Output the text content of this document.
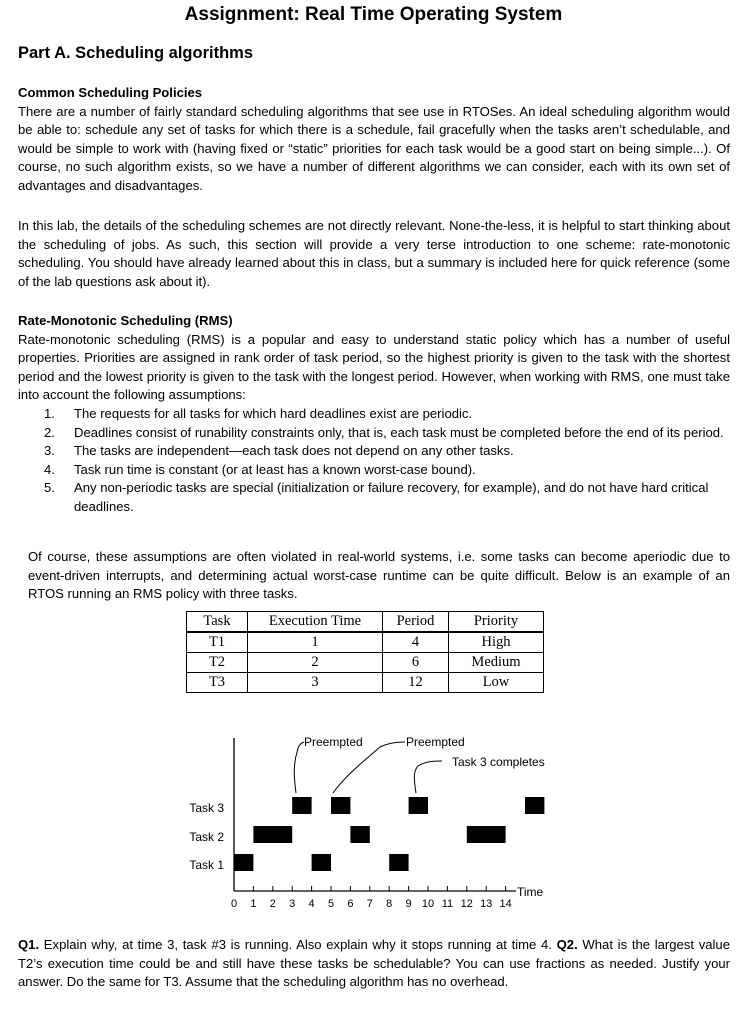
Assignment: Real Time Operating System
Part A. Scheduling algorithms
Common Scheduling Policies
There are a number of fairly standard scheduling algorithms that see use in RTOSes. An ideal scheduling algorithm would be able to: schedule any set of tasks for which there is a schedule, fail gracefully when the tasks aren’t schedulable, and would be simple to work with (having fixed or “static” priorities for each task would be a good start on being simple...). Of course, no such algorithm exists, so we have a number of different algorithms we can consider, each with its own set of advantages and disadvantages.
In this lab, the details of the scheduling schemes are not directly relevant. None-the-less, it is helpful to start thinking about the scheduling of jobs. As such, this section will provide a very terse introduction to one scheme: rate-monotonic scheduling. You should have already learned about this in class, but a summary is included here for quick reference (some of the lab questions ask about it).
Rate-Monotonic Scheduling (RMS)
Rate-monotonic scheduling (RMS) is a popular and easy to understand static policy which has a number of useful properties. Priorities are assigned in rank order of task period, so the highest priority is given to the task with the shortest period and the lowest priority is given to the task with the longest period. However, when working with RMS, one must take into account the following assumptions:
1. The requests for all tasks for which hard deadlines exist are periodic.
2. Deadlines consist of runability constraints only, that is, each task must be completed before the end of its period.
3. The tasks are independent—each task does not depend on any other tasks.
4. Task run time is constant (or at least has a known worst-case bound).
5. Any non-periodic tasks are special (initialization or failure recovery, for example), and do not have hard critical deadlines.
Of course, these assumptions are often violated in real-world systems, i.e. some tasks can become aperiodic due to event-driven interrupts, and determining actual worst-case runtime can be quite difficult. Below is an example of an RTOS running an RMS policy with three tasks.
Task	Execution Time	Period	Priority
T1	1	4	High
T2	2	6	Medium
T3	3	12	Low
Preempted	Preempted
Task 3 completes
Task 3
Task 2
Task 1
Time
0 1 2 3 4 5 6 7 8 9 10 11 12 13 14
Q1. Explain why, at time 3, task #3 is running. Also explain why it stops running at time 4. Q2. What is the largest value T2’s execution time could be and still have these tasks be schedulable? You can use fractions as needed. Justify your answer. Do the same for T3. Assume that the scheduling algorithm has no overhead.
